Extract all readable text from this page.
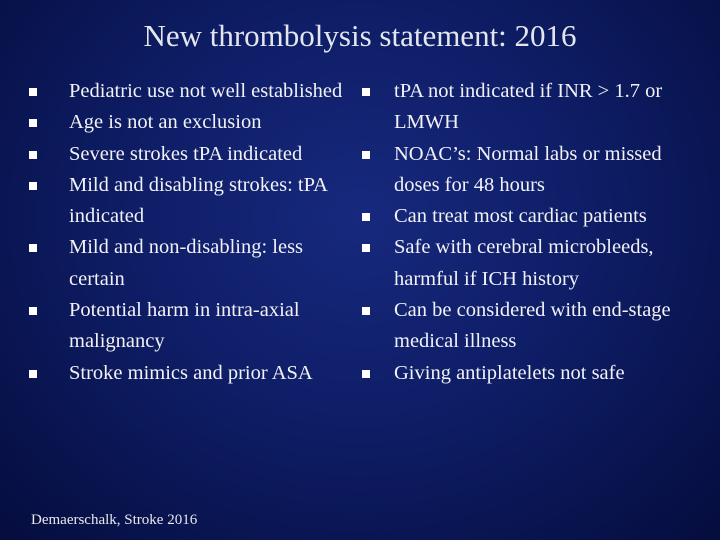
New thrombolysis statement: 2016
Pediatric use not well established
Age is not an exclusion
Severe strokes tPA indicated
Mild and disabling strokes: tPA indicated
Mild and non-disabling: less certain
Potential harm in intra-axial malignancy
Stroke mimics and prior ASA
tPA not indicated if INR > 1.7 or LMWH
NOAC’s: Normal labs or missed doses for 48 hours
Can treat most cardiac patients
Safe with cerebral microbleeds, harmful if ICH history
Can be considered with end-stage medical illness
Giving antiplatelets not safe
Demaerschalk, Stroke 2016
